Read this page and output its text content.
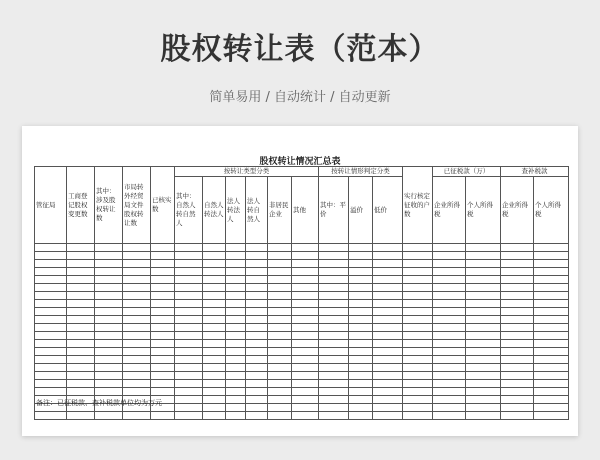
股权转让表（范本）
简单易用 / 自动统计 / 自动更新
股权转让情况汇总表
管征局	工商登记股权变更数	其中：涉及股权转让数	市局转外经贸局文件股权转让数	已核实数	按转让类型分类						按转让情形判定分类			实行核定征收的户数	已征税款（万）		查补税款	
					其中：自然人转自然人	自然人转法人	法人转法人	法人转自然人	非居民企业	其他	其中：平价	溢价	低价		企业所得税	个人所得税	企业所得税	个人所得税

备注：已征税款、查补税款单位均为万元
